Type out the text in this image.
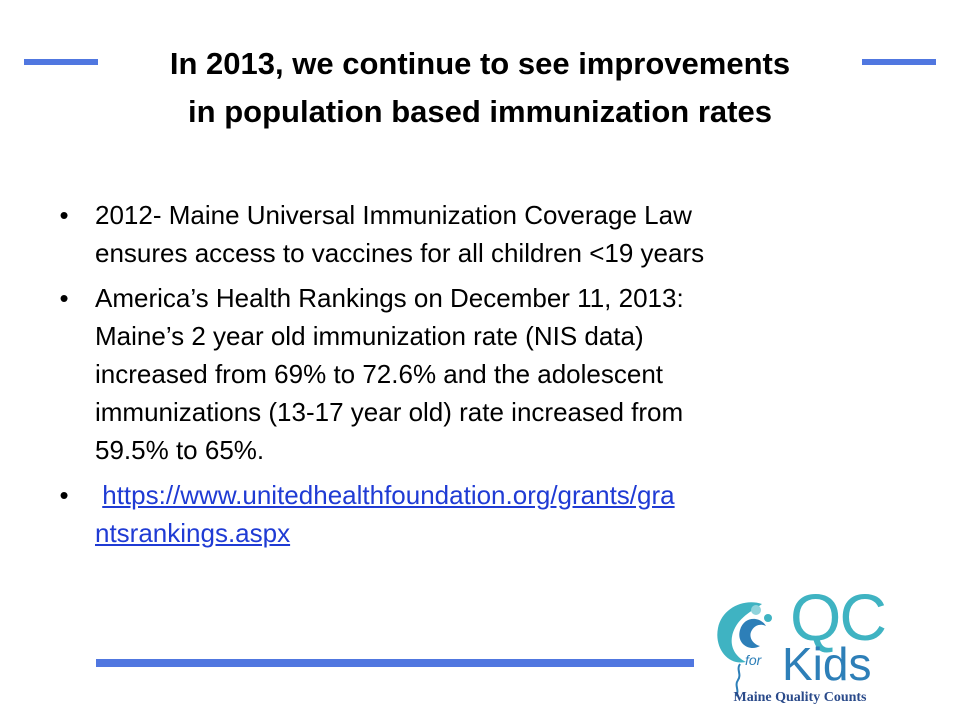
In 2013, we continue to see improvements
in population based immunization rates
• 2012- Maine Universal Immunization Coverage Law
ensures access to vaccines for all children <19 years
• America’s Health Rankings on December 11, 2013:
Maine’s 2 year old immunization rate (NIS data)
increased from 69% to 72.6% and the adolescent
immunizations (13-17 year old) rate increased from
59.5% to 65%.
• https://www.unitedhealthfoundation.org/grants/gra
ntsrankings.aspx
QC
for Kids
Maine Quality Counts
